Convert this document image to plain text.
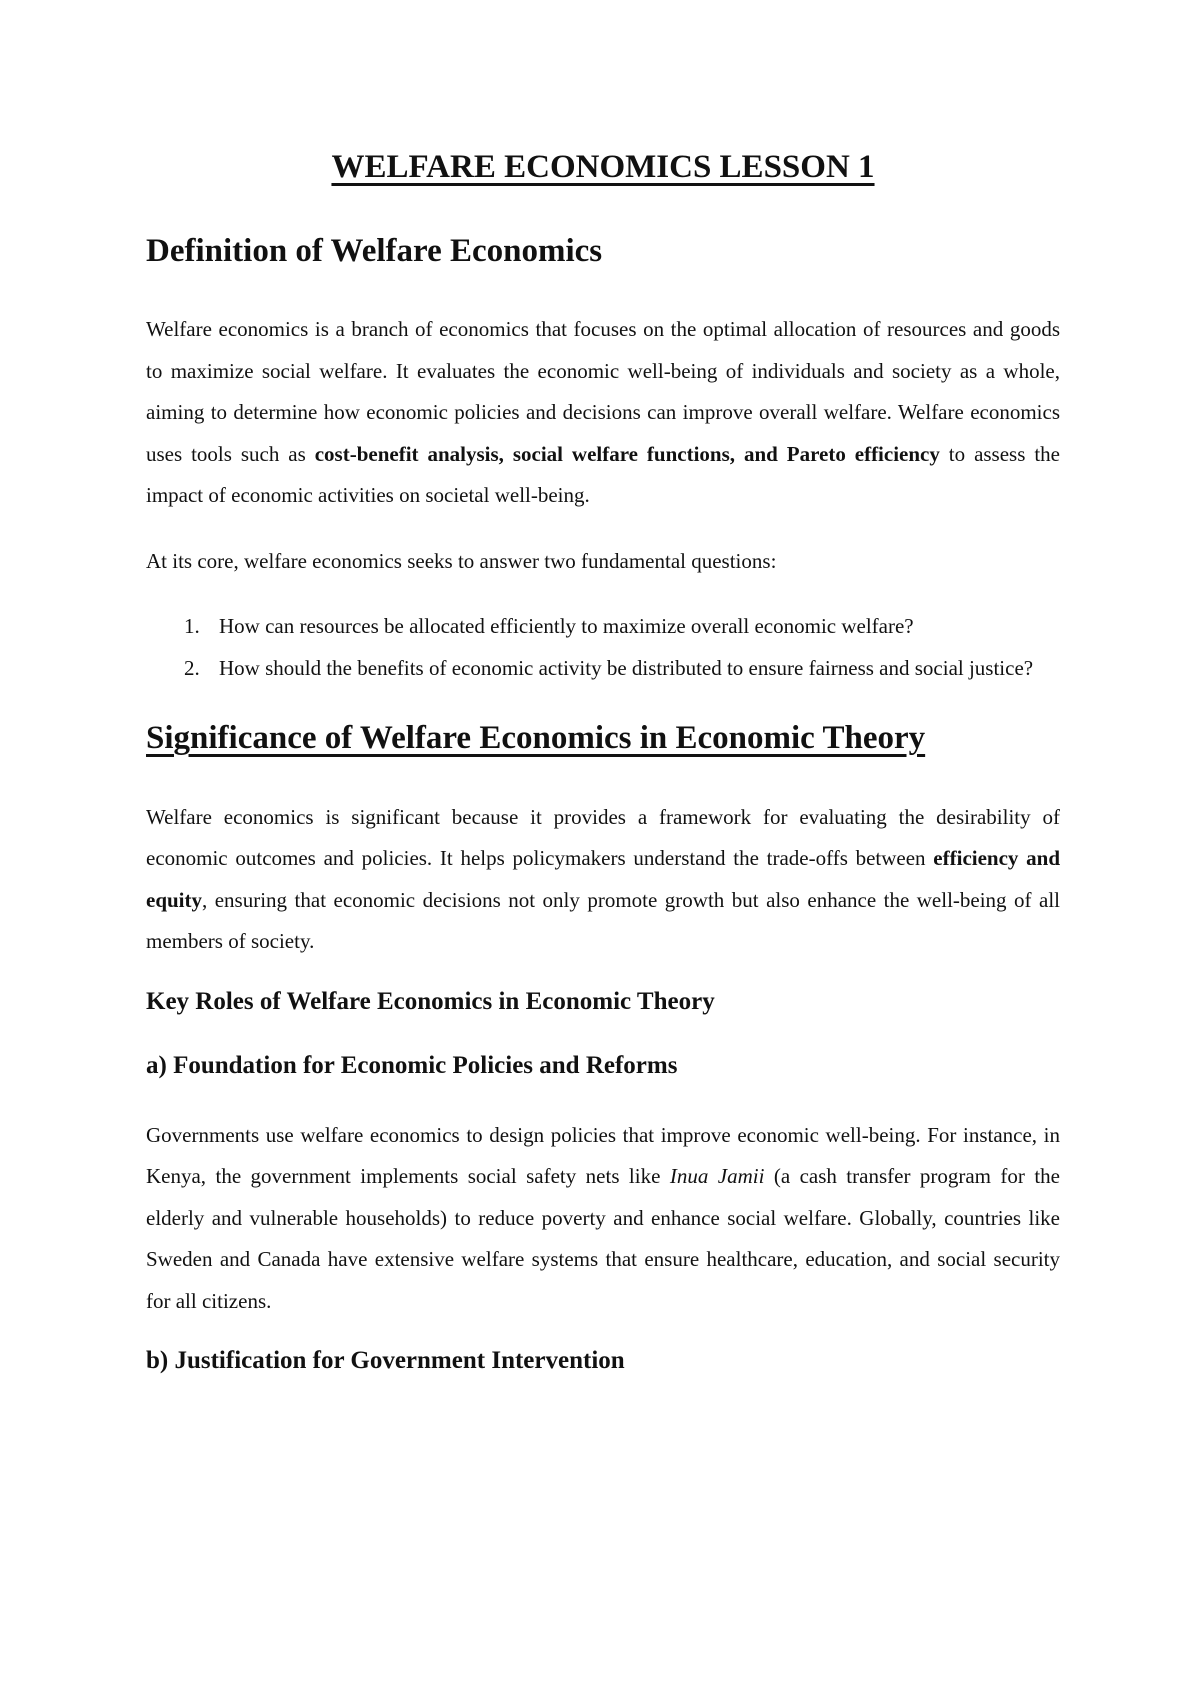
WELFARE ECONOMICS LESSON 1
Definition of Welfare Economics

Welfare economics is a branch of economics that focuses on the optimal allocation of resources and goods to maximize social welfare. It evaluates the economic well-being of individuals and society as a whole, aiming to determine how economic policies and decisions can improve overall welfare. Welfare economics uses tools such as cost-benefit analysis, social welfare functions, and Pareto efficiency to assess the impact of economic activities on societal well-being.

At its core, welfare economics seeks to answer two fundamental questions:

1. How can resources be allocated efficiently to maximize overall economic welfare?
2. How should the benefits of economic activity be distributed to ensure fairness and social justice?
Significance of Welfare Economics in Economic Theory

Welfare economics is significant because it provides a framework for evaluating the desirability of economic outcomes and policies. It helps policymakers understand the trade-offs between efficiency and equity, ensuring that economic decisions not only promote growth but also enhance the well-being of all members of society.

Key Roles of Welfare Economics in Economic Theory
a) Foundation for Economic Policies and Reforms

Governments use welfare economics to design policies that improve economic well-being. For instance, in Kenya, the government implements social safety nets like Inua Jamii (a cash transfer program for the elderly and vulnerable households) to reduce poverty and enhance social welfare. Globally, countries like Sweden and Canada have extensive welfare systems that ensure healthcare, education, and social security for all citizens.

b) Justification for Government Intervention
